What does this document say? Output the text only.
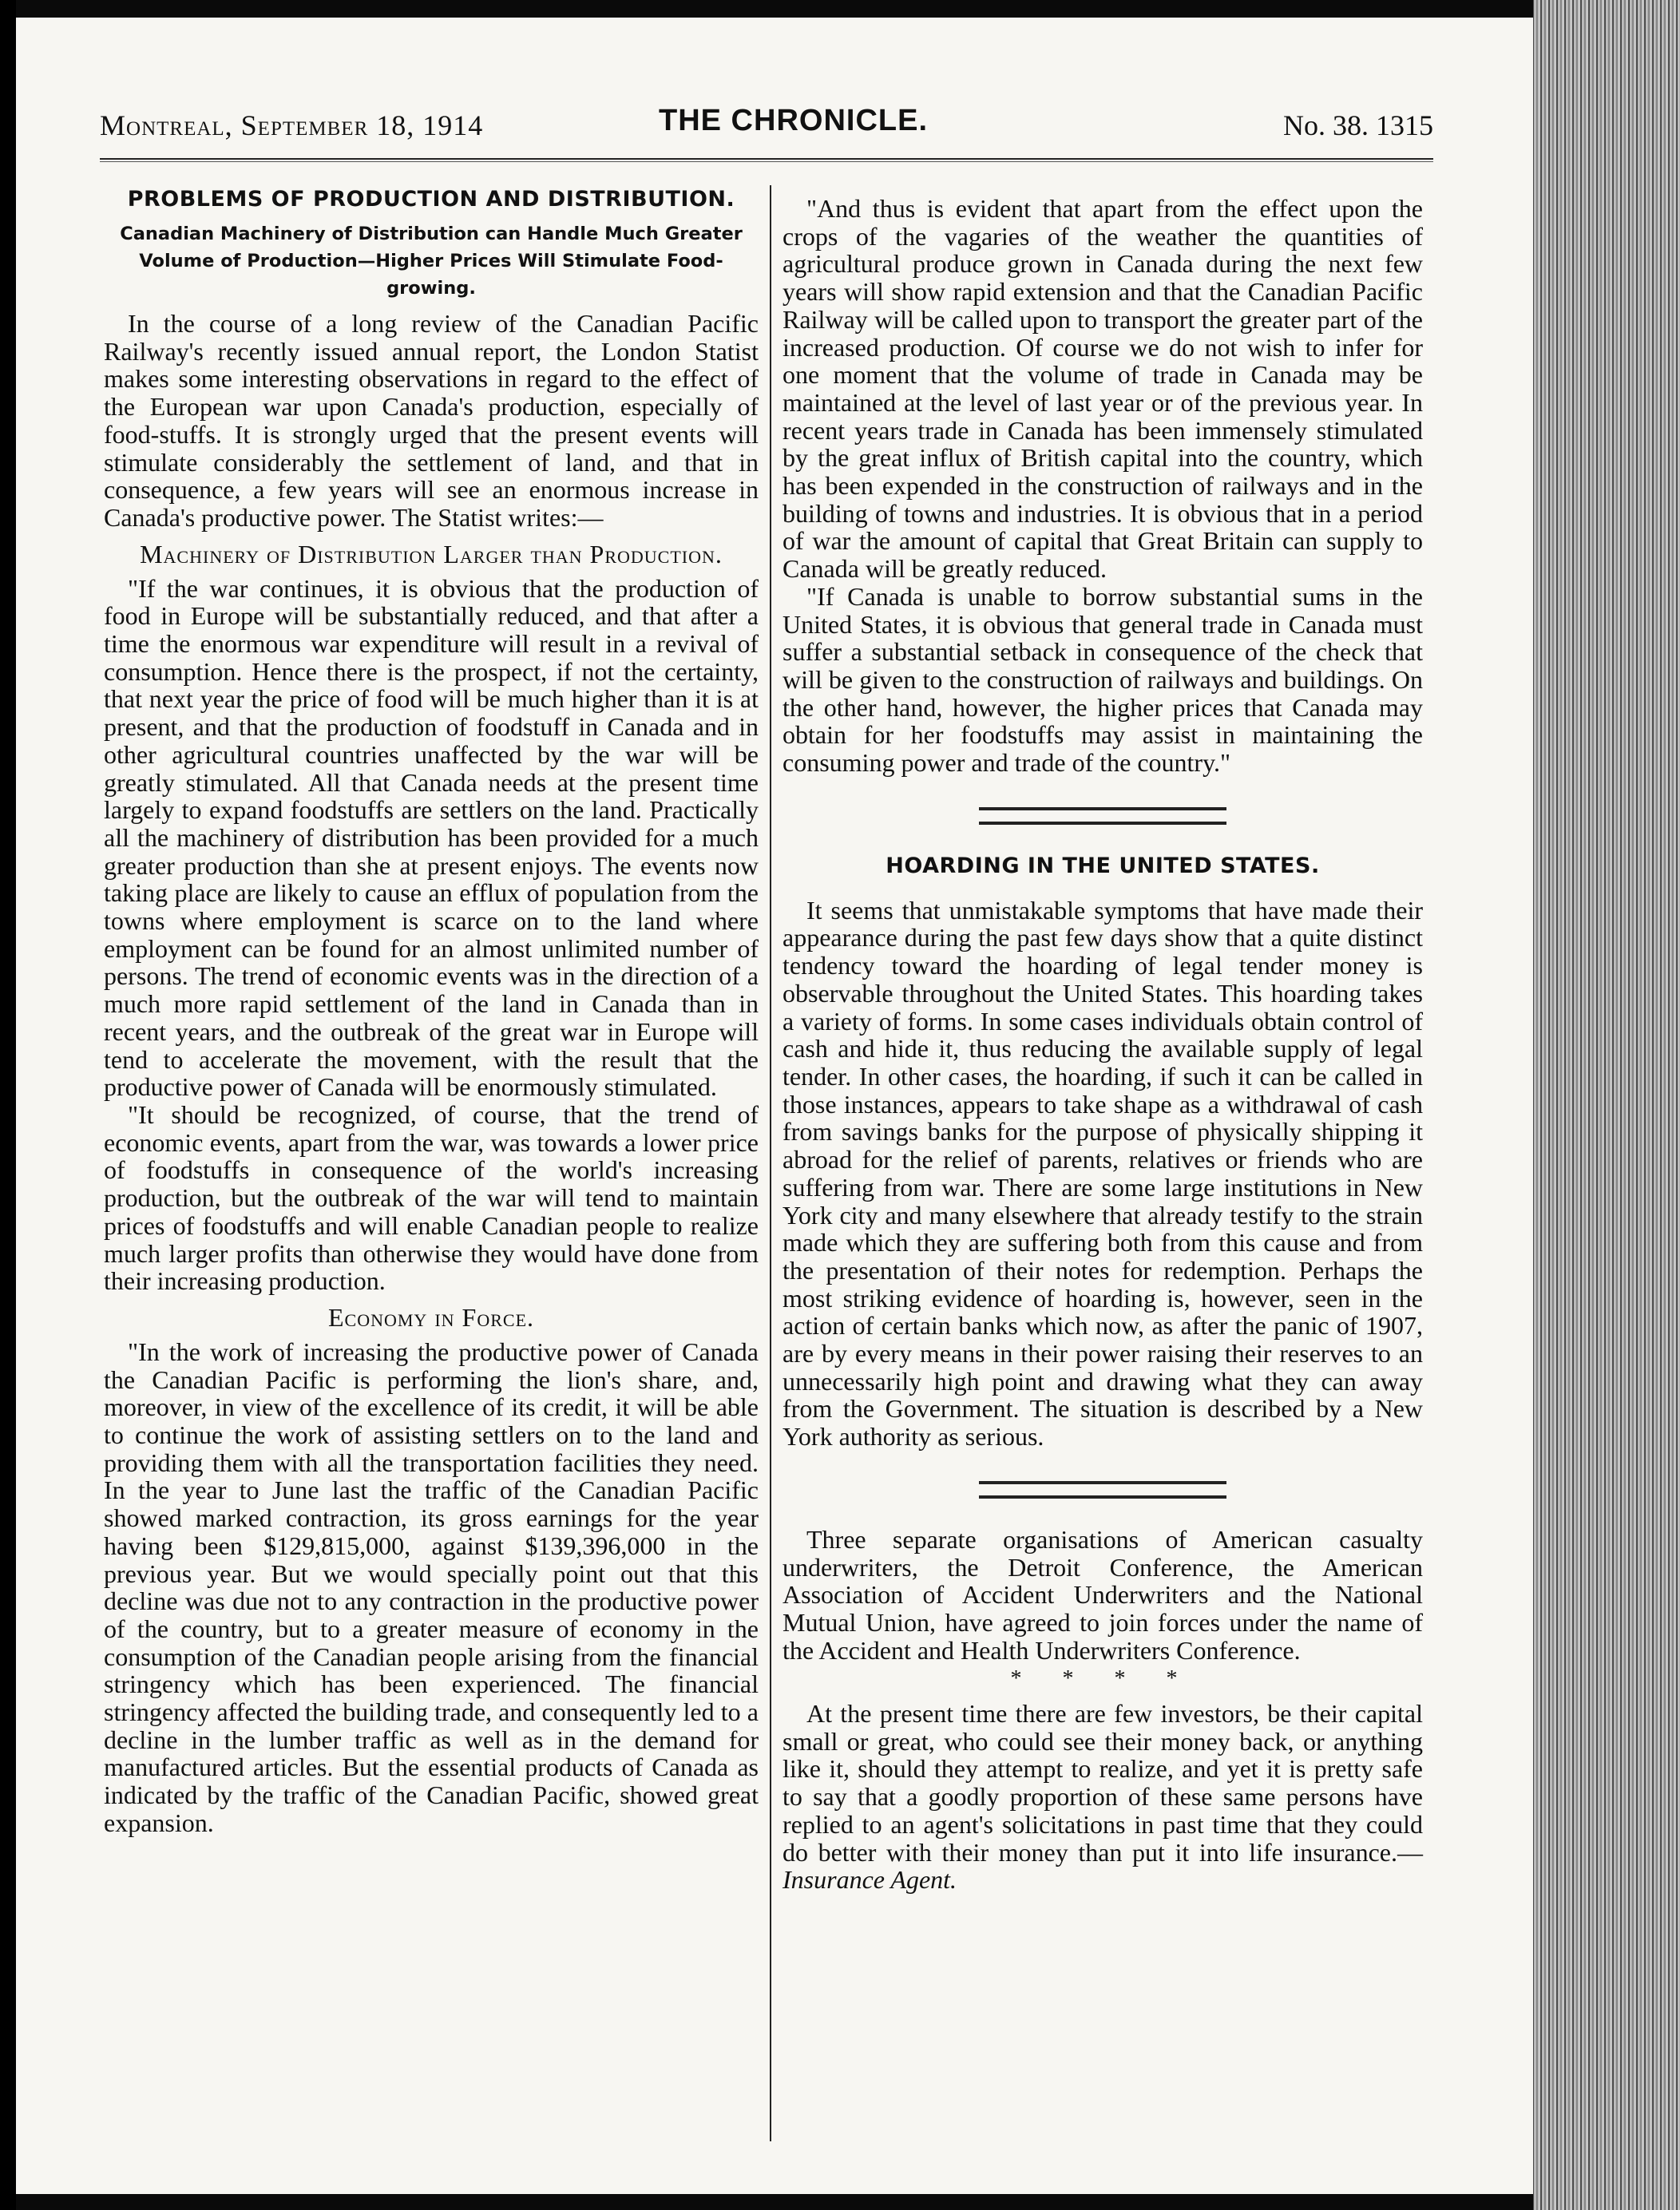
Montreal, September 18, 1914	THE CHRONICLE.	No. 38. 1315
PROBLEMS OF PRODUCTION AND DISTRIBUTION.
Canadian Machinery of Distribution can Handle Much Greater Volume of Production—Higher Prices Will Stimulate Food-growing.

In the course of a long review of the Canadian Pacific Railway's recently issued annual report, the London Statist makes some interesting observations in regard to the effect of the European war upon Canada's production, especially of food-stuffs. It is strongly urged that the present events will stimulate considerably the settlement of land, and that in consequence, a few years will see an enormous increase in Canada's productive power. The Statist writes:—

Machinery of Distribution Larger than Production.

"If the war continues, it is obvious that the production of food in Europe will be substantially reduced, and that after a time the enormous war expenditure will result in a revival of consumption. Hence there is the prospect, if not the certainty, that next year the price of food will be much higher than it is at present, and that the production of foodstuff in Canada and in other agricultural countries unaffected by the war will be greatly stimulated. All that Canada needs at the present time largely to expand foodstuffs are settlers on the land. Practically all the machinery of distribution has been provided for a much greater production than she at present enjoys. The events now taking place are likely to cause an efflux of population from the towns where employment is scarce on to the land where employment can be found for an almost unlimited number of persons. The trend of economic events was in the direction of a much more rapid settlement of the land in Canada than in recent years, and the outbreak of the great war in Europe will tend to accelerate the movement, with the result that the productive power of Canada will be enormously stimulated.

"It should be recognized, of course, that the trend of economic events, apart from the war, was towards a lower price of foodstuffs in consequence of the world's increasing production, but the outbreak of the war will tend to maintain prices of foodstuffs and will enable Canadian people to realize much larger profits than otherwise they would have done from their increasing production.

Economy in Force.

"In the work of increasing the productive power of Canada the Canadian Pacific is performing the lion's share, and, moreover, in view of the excellence of its credit, it will be able to continue the work of assisting settlers on to the land and providing them with all the transportation facilities they need. In the year to June last the traffic of the Canadian Pacific showed marked contraction, its gross earnings for the year having been $129,815,000, against $139,396,000 in the previous year. But we would specially point out that this decline was due not to any contraction in the productive power of the country, but to a greater measure of economy in the consumption of the Canadian people arising from the financial stringency which has been experienced. The financial stringency affected the building trade, and consequently led to a decline in the lumber traffic as well as in the demand for manufactured articles. But the essential products of Canada as indicated by the traffic of the Canadian Pacific, showed great expansion.

"And thus is evident that apart from the effect upon the crops of the vagaries of the weather the quantities of agricultural produce grown in Canada during the next few years will show rapid extension and that the Canadian Pacific Railway will be called upon to transport the greater part of the increased production. Of course we do not wish to infer for one moment that the volume of trade in Canada may be maintained at the level of last year or of the previous year. In recent years trade in Canada has been immensely stimulated by the great influx of British capital into the country, which has been expended in the construction of railways and in the building of towns and industries. It is obvious that in a period of war the amount of capital that Great Britain can supply to Canada will be greatly reduced.

"If Canada is unable to borrow substantial sums in the United States, it is obvious that general trade in Canada must suffer a substantial setback in consequence of the check that will be given to the construction of railways and buildings. On the other hand, however, the higher prices that Canada may obtain for her foodstuffs may assist in maintaining the consuming power and trade of the country."

HOARDING IN THE UNITED STATES.

It seems that unmistakable symptoms that have made their appearance during the past few days show that a quite distinct tendency toward the hoarding of legal tender money is observable throughout the United States. This hoarding takes a variety of forms. In some cases individuals obtain control of cash and hide it, thus reducing the available supply of legal tender. In other cases, the hoarding, if such it can be called in those instances, appears to take shape as a withdrawal of cash from savings banks for the purpose of physically shipping it abroad for the relief of parents, relatives or friends who are suffering from war. There are some large institutions in New York city and many elsewhere that already testify to the strain made which they are suffering both from this cause and from the presentation of their notes for redemption. Perhaps the most striking evidence of hoarding is, however, seen in the action of certain banks which now, as after the panic of 1907, are by every means in their power raising their reserves to an unnecessarily high point and drawing what they can away from the Government. The situation is described by a New York authority as serious.

Three separate organisations of American casualty underwriters, the Detroit Conference, the American Association of Accident Underwriters and the National Mutual Union, have agreed to join forces under the name of the Accident and Health Underwriters Conference.

* * * *

At the present time there are few investors, be their capital small or great, who could see their money back, or anything like it, should they attempt to realize, and yet it is pretty safe to say that a goodly proportion of these same persons have replied to an agent's solicitations in past time that they could do better with their money than put it into life insurance.—Insurance Agent.
